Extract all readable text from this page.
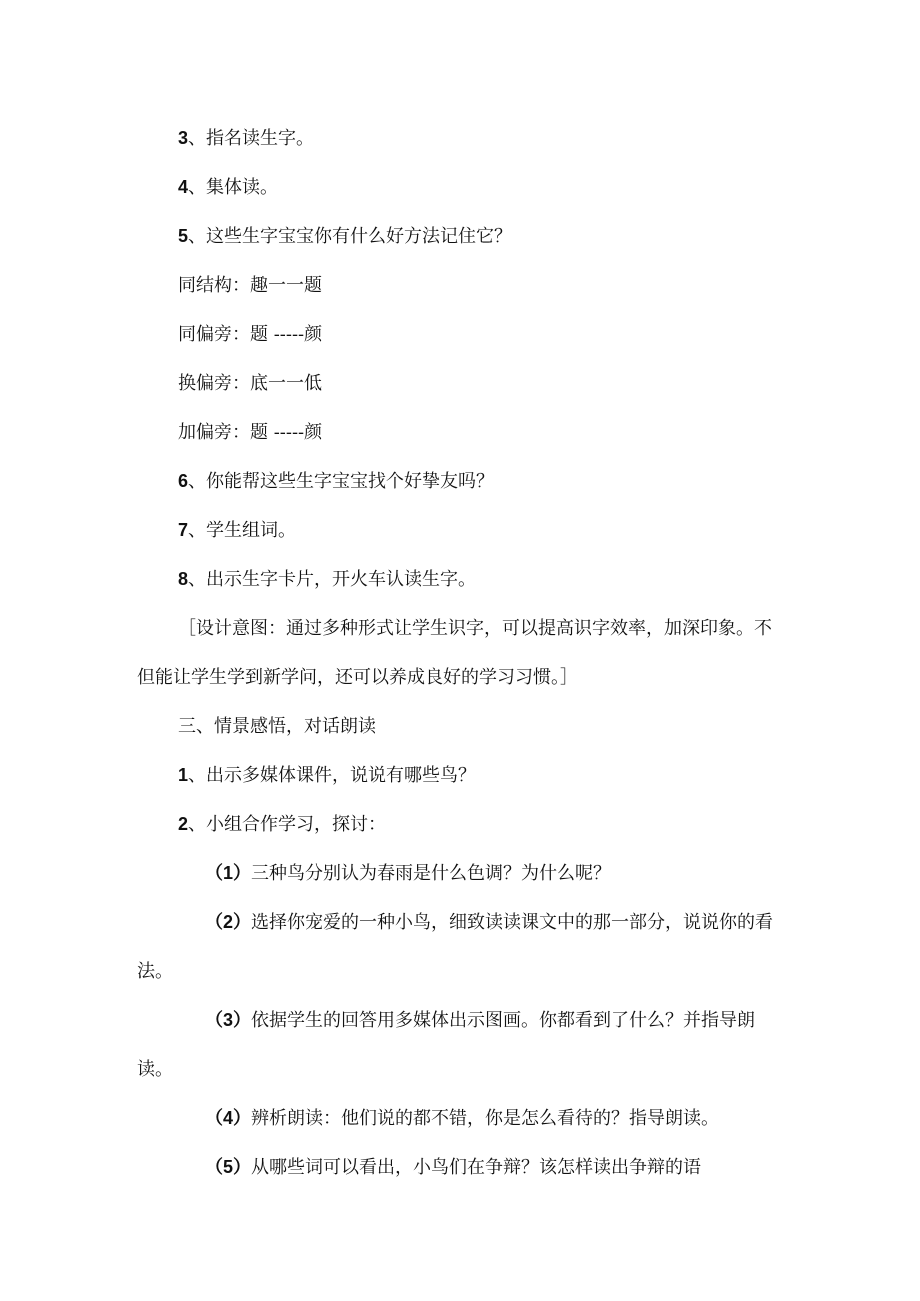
3、指名读生字。

4、集体读。

5、这些生字宝宝你有什么好方法记住它？

同结构：趣一一题

同偏旁：题 -----颜

换偏旁：底一一低

加偏旁：题 -----颜

6、你能帮这些生字宝宝找个好挚友吗？

7、学生组词。

8、出示生字卡片，开火车认读生字。

［设计意图：通过多种形式让学生识字，可以提高识字效率，加深印象。不但能让学生学到新学问，还可以养成良好的学习习惯。］

三、情景感悟，对话朗读

1、出示多媒体课件，说说有哪些鸟？

2、小组合作学习，探讨：

（1）三种鸟分别认为春雨是什么色调？为什么呢？

（2）选择你宠爱的一种小鸟，细致读读课文中的那一部分，说说你的看法。

（3）依据学生的回答用多媒体出示图画。你都看到了什么？并指导朗读。

（4）辨析朗读：他们说的都不错，你是怎么看待的？指导朗读。

（5）从哪些词可以看出，小鸟们在争辩？该怎样读出争辩的语
